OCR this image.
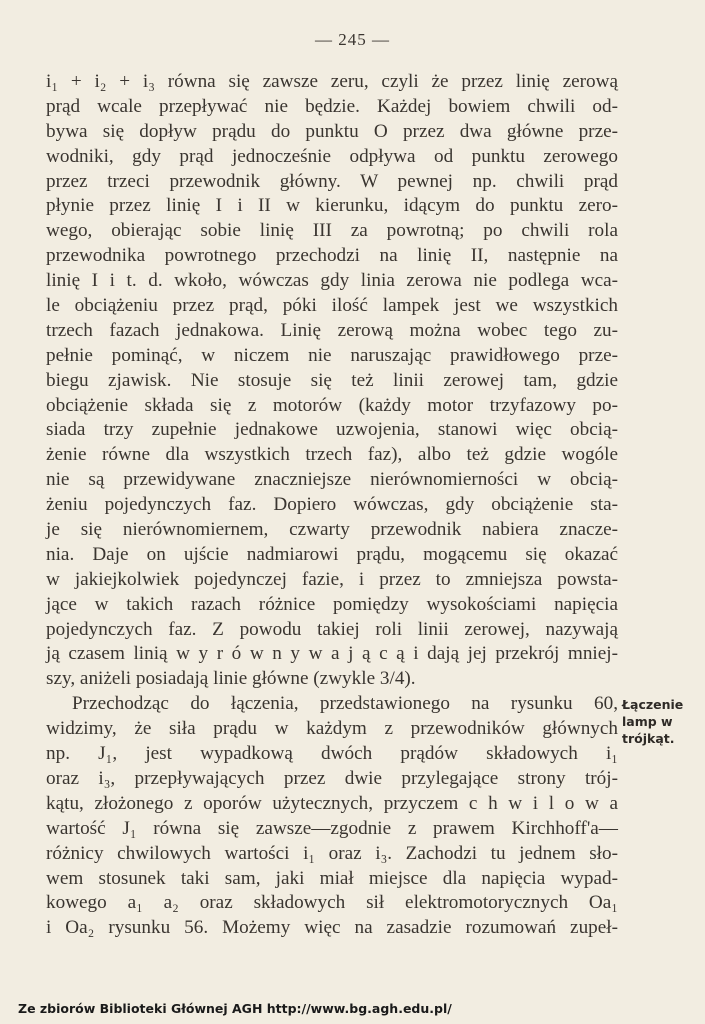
— 245 —
i₁ + i₂ + i₃ równa się zawsze zeru, czyli że przez linię zerową
prąd wcale przepływać nie będzie. Każdej bowiem chwili od-
bywa się dopływ prądu do punktu O przez dwa główne prze-
wodniki, gdy prąd jednocześnie odpływa od punktu zerowego
przez trzeci przewodnik główny. W pewnej np. chwili prąd
płynie przez linię I i II w kierunku, idącym do punktu zero-
wego, obierając sobie linię III za powrotną; po chwili rola
przewodnika powrotnego przechodzi na linię II, następnie na
linię I i t. d. wkoło, wówczas gdy linia zerowa nie podlega wca-
le obciążeniu przez prąd, póki ilość lampek jest we wszystkich
trzech fazach jednakowa. Linię zerową można wobec tego zu-
pełnie pominąć, w niczem nie naruszając prawidłowego prze-
biegu zjawisk. Nie stosuje się też linii zerowej tam, gdzie
obciążenie składa się z motorów (każdy motor trzyfazowy po-
siada trzy zupełnie jednakowe uzwojenia, stanowi więc obcią-
żenie równe dla wszystkich trzech faz), albo też gdzie wogóle
nie są przewidywane znaczniejsze nierównomierności w obcią-
żeniu pojedynczych faz. Dopiero wówczas, gdy obciążenie sta-
je się nierównomiernem, czwarty przewodnik nabiera znacze-
nia. Daje on ujście nadmiarowi prądu, mogącemu się okazać
w jakiejkolwiek pojedynczej fazie, i przez to zmniejsza powsta-
jące w takich razach różnice pomiędzy wysokościami napięcia
pojedynczych faz. Z powodu takiej roli linii zerowej, nazywają
ją czasem linią w y r ó w n y w a j ą c ą i dają jej przekrój mniej-
szy, aniżeli posiadają linie główne (zwykle 3/4).
Przechodząc do łączenia, przedstawionego na rysunku 60,
widzimy, że siła prądu w każdym z przewodników głównych
np. J₁, jest wypadkową dwóch prądów składowych i₁
oraz i₃, przepływających przez dwie przylegające strony trój-
kątu, złożonego z oporów użytecznych, przyczem c h w i l o w a
wartość J₁ równa się zawsze—zgodnie z prawem Kirchhoff'a—
różnicy chwilowych wartości i₁ oraz i₃. Zachodzi tu jednem sło-
wem stosunek taki sam, jaki miał miejsce dla napięcia wypad-
kowego a₁ a₂ oraz składowych sił elektromotorycznych Oa₁
i Oa₂ rysunku 56. Możemy więc na zasadzie rozumowań zupeł-
Łączenie
lamp w
trójkąt.
Ze zbiorów Biblioteki Głównej AGH http://www.bg.agh.edu.pl/
